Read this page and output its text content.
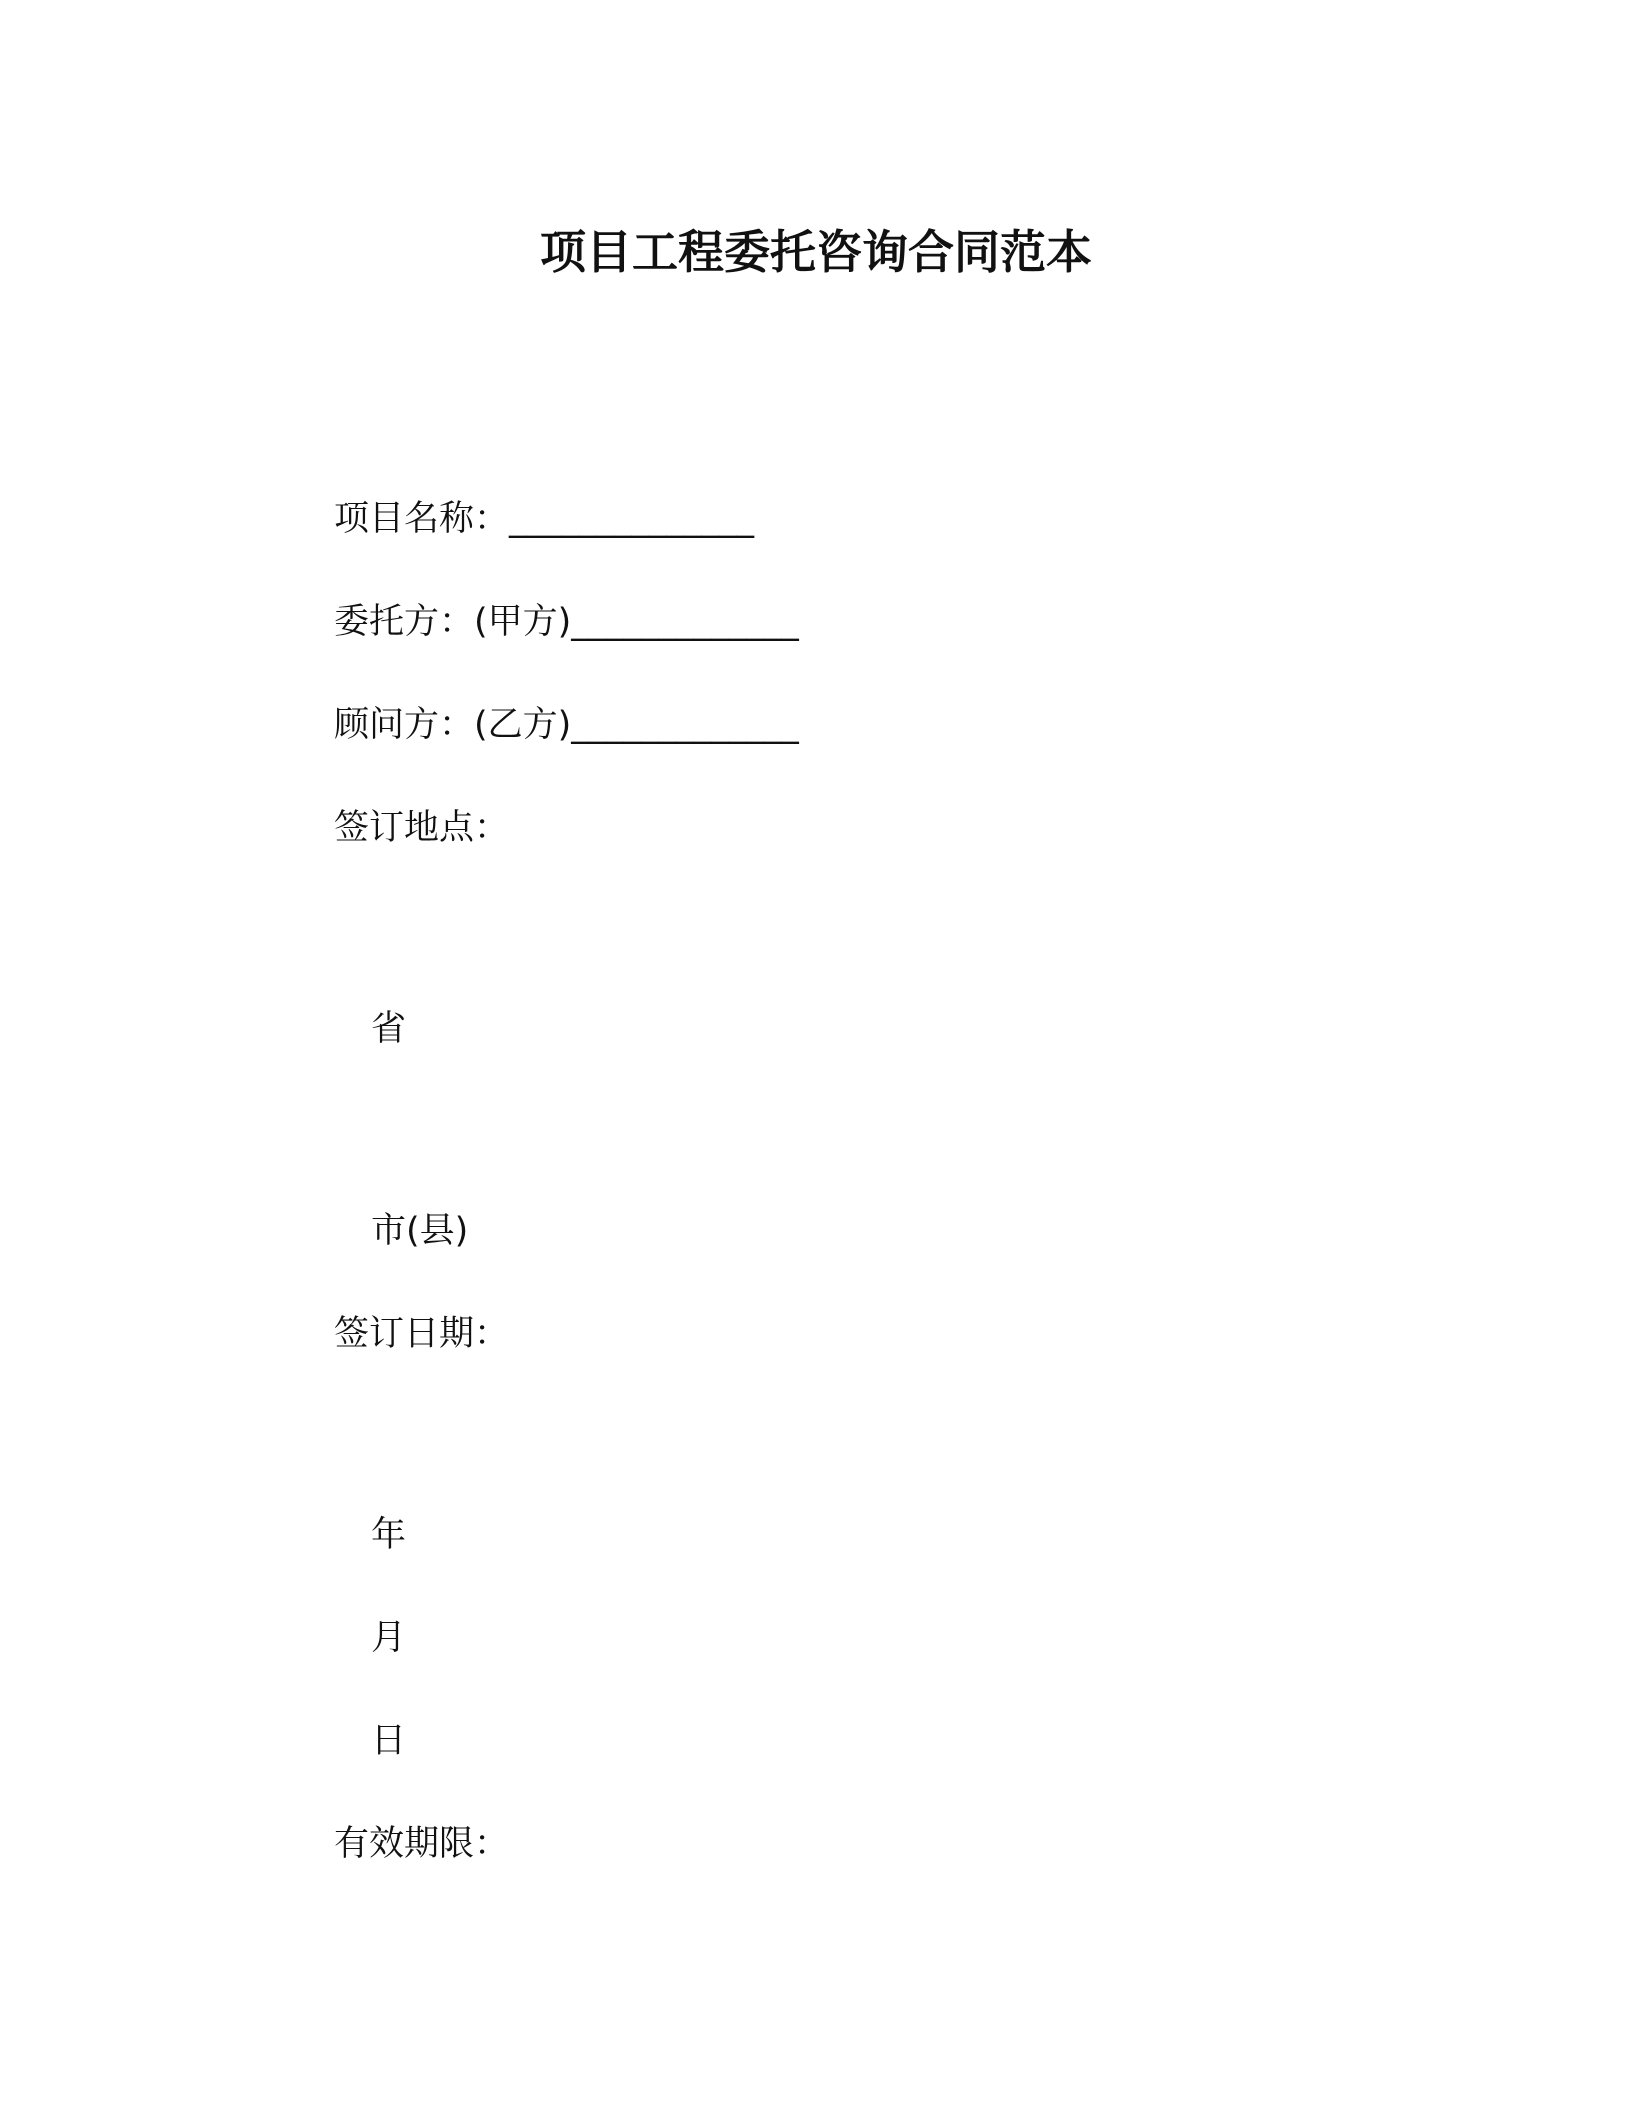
项目工程委托咨询合同范本
项目名称：______________
委托方：(甲方)_____________
顾问方：(乙方)_____________
签订地点：
省
市(县)
签订日期：
年
月
日
有效期限：
